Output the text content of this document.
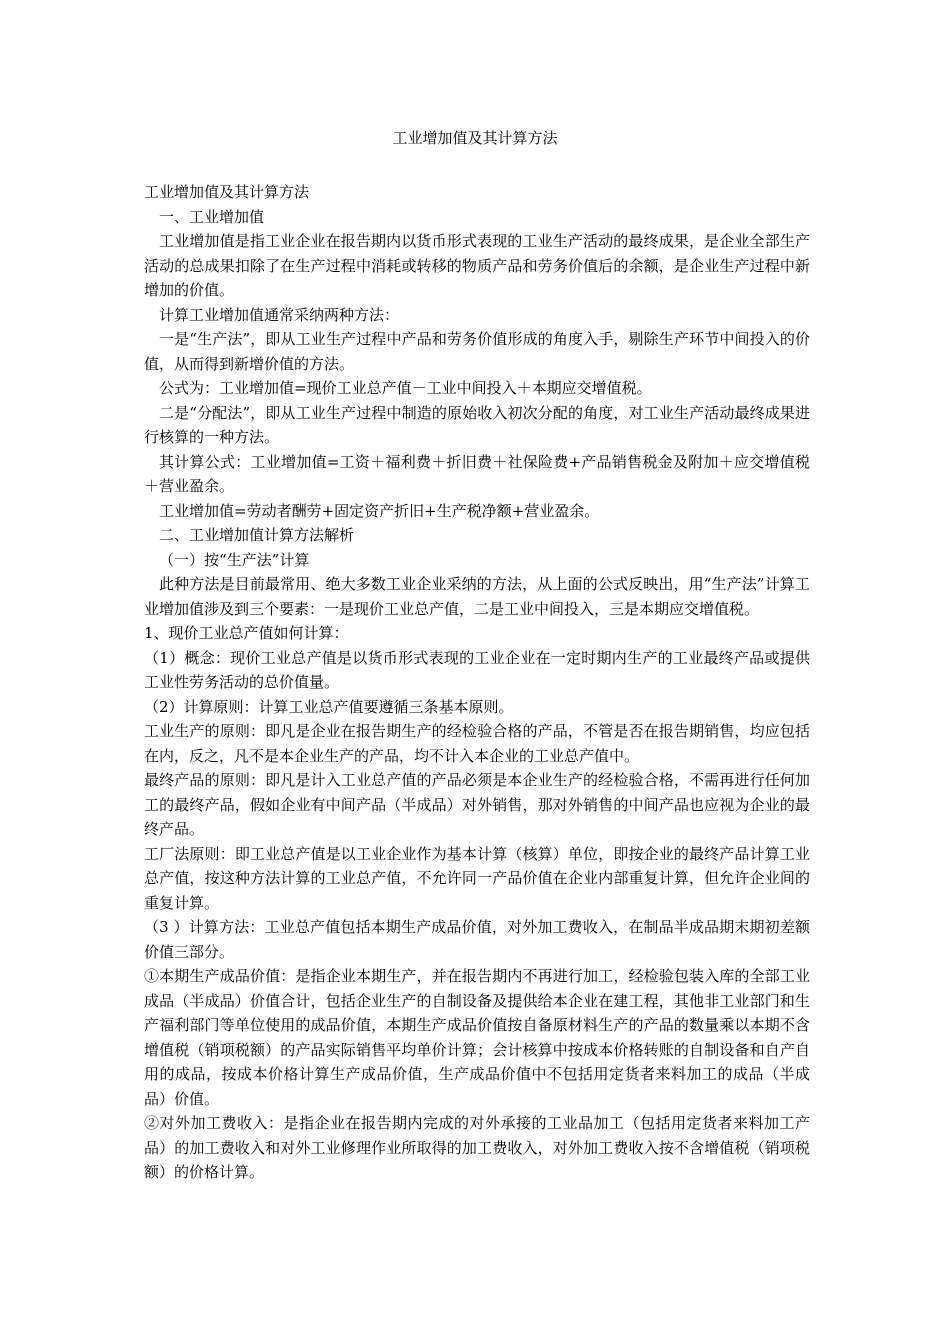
工业增加值及其计算方法

工业增加值及其计算方法

一、工业增加值

工业增加值是指工业企业在报告期内以货币形式表现的工业生产活动的最终成果，是企业全部生产活动的总成果扣除了在生产过程中消耗或转移的物质产品和劳务价值后的余额，是企业生产过程中新增加的价值。

计算工业增加值通常采纳两种方法：

一是“生产法”，即从工业生产过程中产品和劳务价值形成的角度入手，剔除生产环节中间投入的价值，从而得到新增价值的方法。

公式为：工业增加值=现价工业总产值－工业中间投入＋本期应交增值税。

二是“分配法”，即从工业生产过程中制造的原始收入初次分配的角度，对工业生产活动最终成果进行核算的一种方法。

其计算公式：工业增加值=工资＋福利费＋折旧费＋社保险费+产品销售税金及附加＋应交增值税＋营业盈余。

工业增加值=劳动者酬劳+固定资产折旧+生产税净额+营业盈余。

二、工业增加值计算方法解析

（一）按“生产法”计算

此种方法是目前最常用、绝大多数工业企业采纳的方法，从上面的公式反映出，用“生产法”计算工业增加值涉及到三个要素：一是现价工业总产值，二是工业中间投入，三是本期应交增值税。

1、现价工业总产值如何计算：

（1）概念：现价工业总产值是以货币形式表现的工业企业在一定时期内生产的工业最终产品或提供工业性劳务活动的总价值量。

（2）计算原则：计算工业总产值要遵循三条基本原则。

工业生产的原则：即凡是企业在报告期生产的经检验合格的产品，不管是否在报告期销售，均应包括在内，反之，凡不是本企业生产的产品，均不计入本企业的工业总产值中。

最终产品的原则：即凡是计入工业总产值的产品必须是本企业生产的经检验合格，不需再进行任何加工的最终产品，假如企业有中间产品（半成品）对外销售，那对外销售的中间产品也应视为企业的最终产品。

工厂法原则：即工业总产值是以工业企业作为基本计算（核算）单位，即按企业的最终产品计算工业总产值，按这种方法计算的工业总产值，不允许同一产品价值在企业内部重复计算，但允许企业间的重复计算。

（3 ）计算方法：工业总产值包括本期生产成品价值，对外加工费收入，在制品半成品期末期初差额价值三部分。

①本期生产成品价值：是指企业本期生产，并在报告期内不再进行加工，经检验包装入库的全部工业成品（半成品）价值合计，包括企业生产的自制设备及提供给本企业在建工程，其他非工业部门和生产福利部门等单位使用的成品价值，本期生产成品价值按自备原材料生产的产品的数量乘以本期不含增值税（销项税额）的产品实际销售平均单价计算；会计核算中按成本价格转账的自制设备和自产自用的成品，按成本价格计算生产成品价值，生产成品价值中不包括用定货者来料加工的成品（半成品）价值。

②对外加工费收入：是指企业在报告期内完成的对外承接的工业品加工（包括用定货者来料加工产品）的加工费收入和对外工业修理作业所取得的加工费收入，对外加工费收入按不含增值税（销项税额）的价格计算。
